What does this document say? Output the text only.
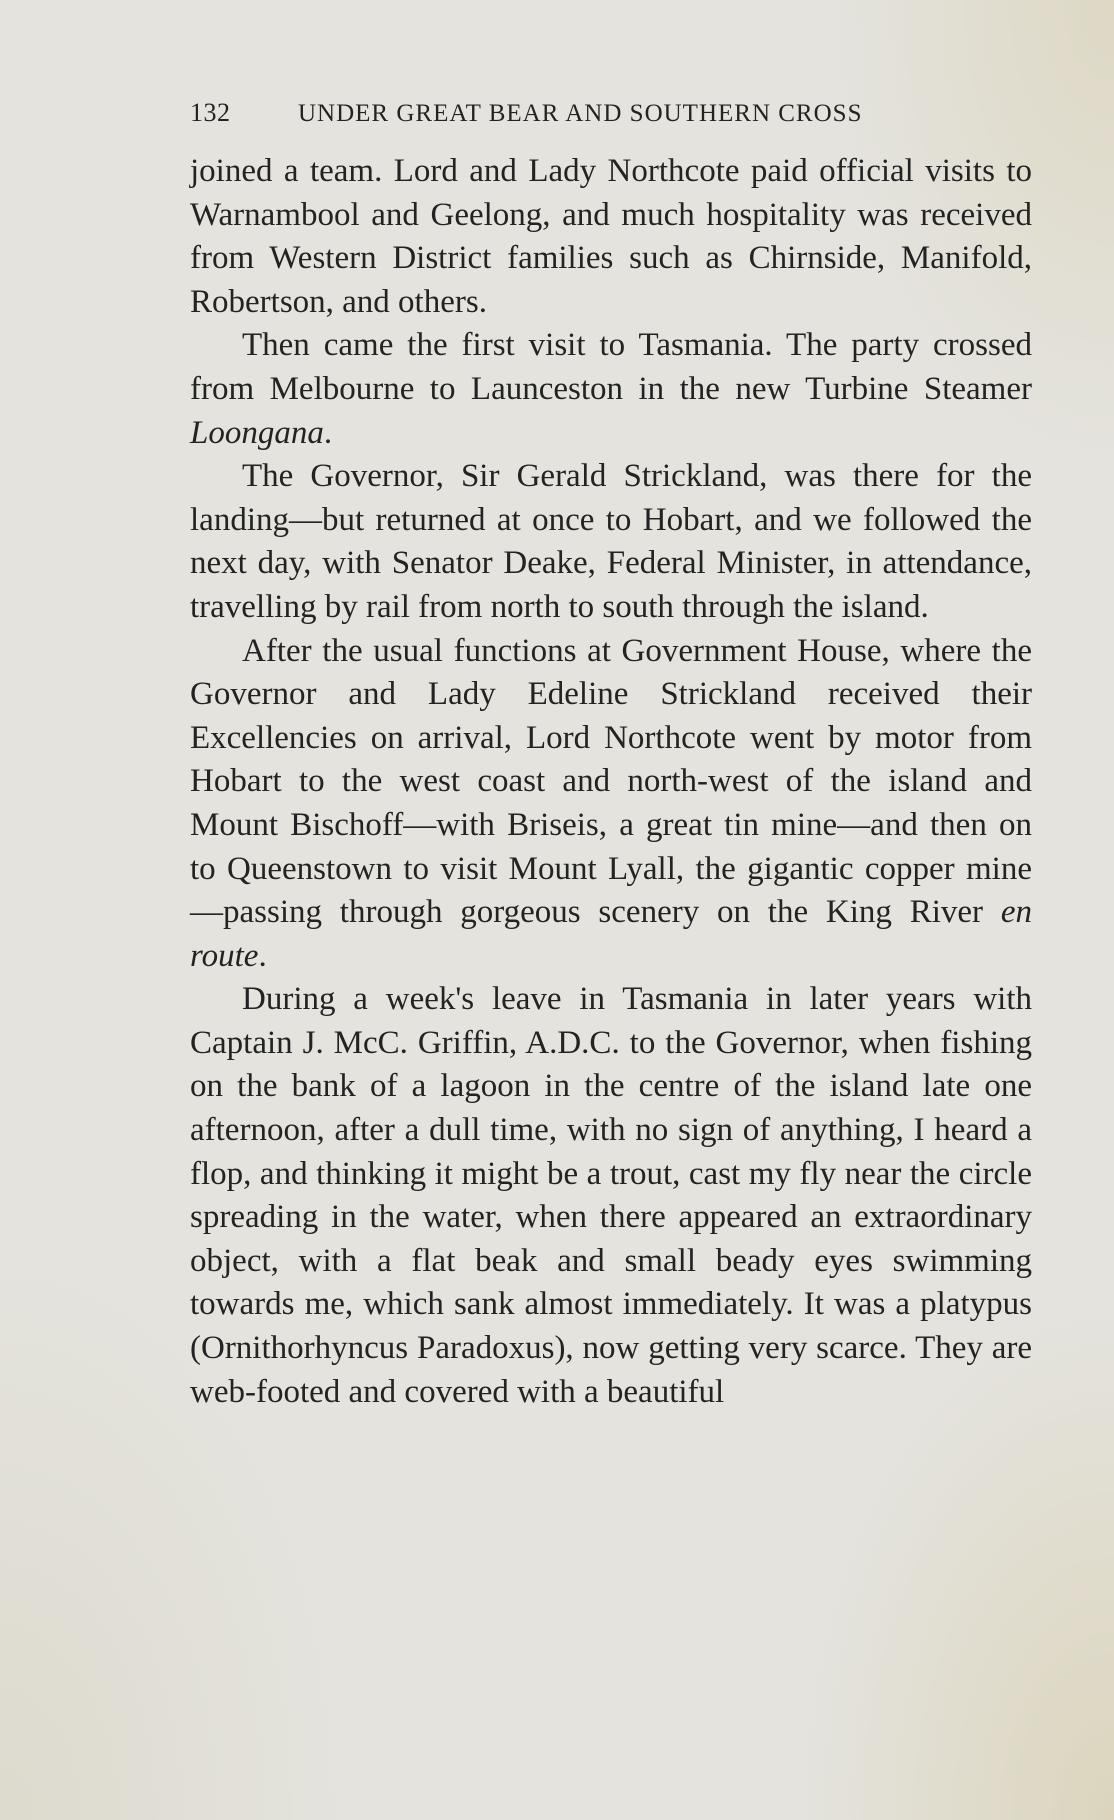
132	UNDER GREAT BEAR AND SOUTHERN CROSS

joined a team. Lord and Lady Northcote paid official visits to Warnambool and Geelong, and much hospitality was received from Western District families such as Chirnside, Manifold, Robertson, and others.

Then came the first visit to Tasmania. The party crossed from Melbourne to Launceston in the new Turbine Steamer Loongana.

The Governor, Sir Gerald Strickland, was there for the landing—but returned at once to Hobart, and we followed the next day, with Senator Deake, Federal Minister, in attendance, travelling by rail from north to south through the island.

After the usual functions at Government House, where the Governor and Lady Edeline Strickland received their Excellencies on arrival, Lord Northcote went by motor from Hobart to the west coast and north-west of the island and Mount Bischoff—with Briseis, a great tin mine—and then on to Queenstown to visit Mount Lyall, the gigantic copper mine—passing through gorgeous scenery on the King River en route.

During a week's leave in Tasmania in later years with Captain J. McC. Griffin, A.D.C. to the Governor, when fishing on the bank of a lagoon in the centre of the island late one afternoon, after a dull time, with no sign of anything, I heard a flop, and thinking it might be a trout, cast my fly near the circle spreading in the water, when there appeared an extraordinary object, with a flat beak and small beady eyes swimming towards me, which sank almost immediately. It was a platypus (Ornithorhyncus Paradoxus), now getting very scarce. They are web-footed and covered with a beautiful
